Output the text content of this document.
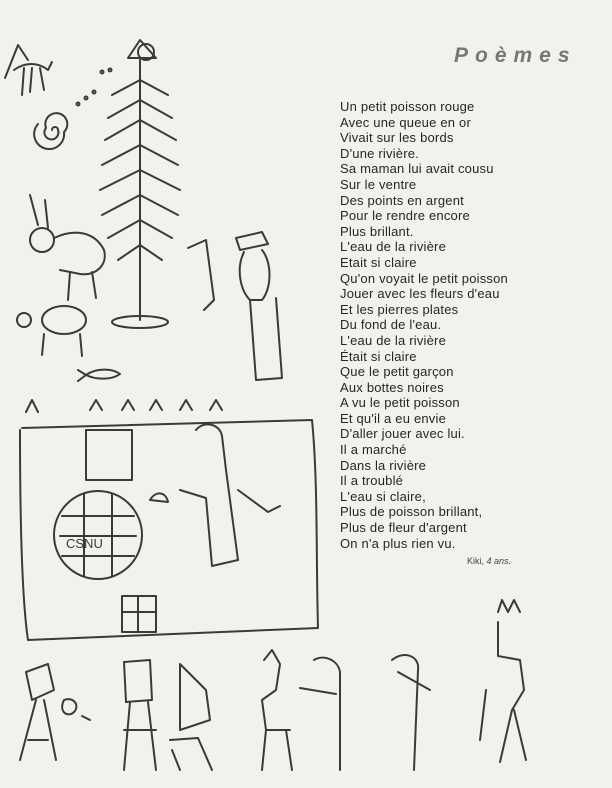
CSNU
Poèmes
Un petit poisson rouge
Avec une queue en or
Vivait sur les bords
D'une rivière.
Sa maman lui avait cousu
Sur le ventre
Des points en argent
Pour le rendre encore
Plus brillant.
L'eau de la rivière
Etait si claire
Qu'on voyait le petit poisson
Jouer avec les fleurs d'eau
Et les pierres plates
Du fond de l'eau.
L'eau de la rivière
Était si claire
Que le petit garçon
Aux bottes noires
A vu le petit poisson
Et qu'il a eu envie
D'aller jouer avec lui.
Il a marché
Dans la rivière
Il a troublé
L'eau si claire,
Plus de poisson brillant,
Plus de fleur d'argent
On n'a plus rien vu.
Kiki, 4 ans.
